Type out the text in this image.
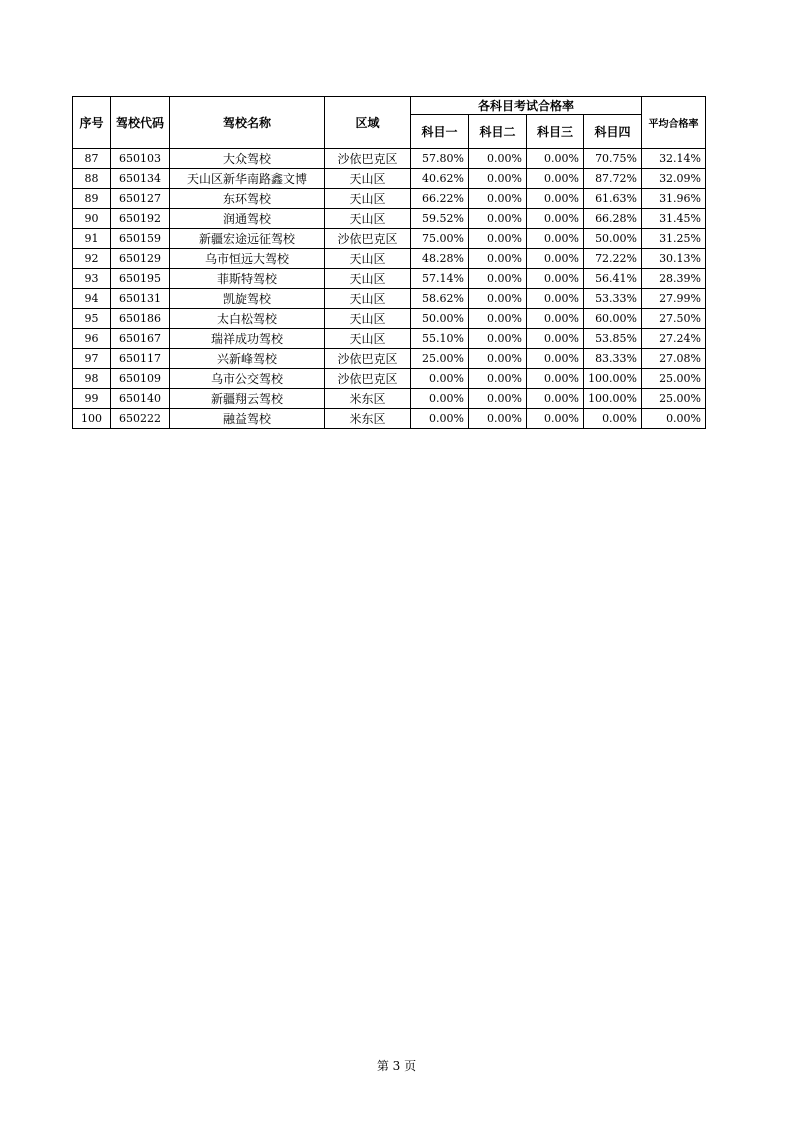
序号	驾校代码	驾校名称	区域	各科目考试合格率				平均合格率
				科目一	科目二	科目三	科目四	
87	650103	大众驾校	沙依巴克区	57.80%	0.00%	0.00%	70.75%	32.14%
88	650134	天山区新华南路鑫文博	天山区	40.62%	0.00%	0.00%	87.72%	32.09%
89	650127	东环驾校	天山区	66.22%	0.00%	0.00%	61.63%	31.96%
90	650192	润通驾校	天山区	59.52%	0.00%	0.00%	66.28%	31.45%
91	650159	新疆宏途远征驾校	沙依巴克区	75.00%	0.00%	0.00%	50.00%	31.25%
92	650129	乌市恒远大驾校	天山区	48.28%	0.00%	0.00%	72.22%	30.13%
93	650195	菲斯特驾校	天山区	57.14%	0.00%	0.00%	56.41%	28.39%
94	650131	凯旋驾校	天山区	58.62%	0.00%	0.00%	53.33%	27.99%
95	650186	太白松驾校	天山区	50.00%	0.00%	0.00%	60.00%	27.50%
96	650167	瑞祥成功驾校	天山区	55.10%	0.00%	0.00%	53.85%	27.24%
97	650117	兴新峰驾校	沙依巴克区	25.00%	0.00%	0.00%	83.33%	27.08%
98	650109	乌市公交驾校	沙依巴克区	0.00%	0.00%	0.00%	100.00%	25.00%
99	650140	新疆翔云驾校	米东区	0.00%	0.00%	0.00%	100.00%	25.00%
100	650222	融益驾校	米东区	0.00%	0.00%	0.00%	0.00%	0.00%
第 3 页
